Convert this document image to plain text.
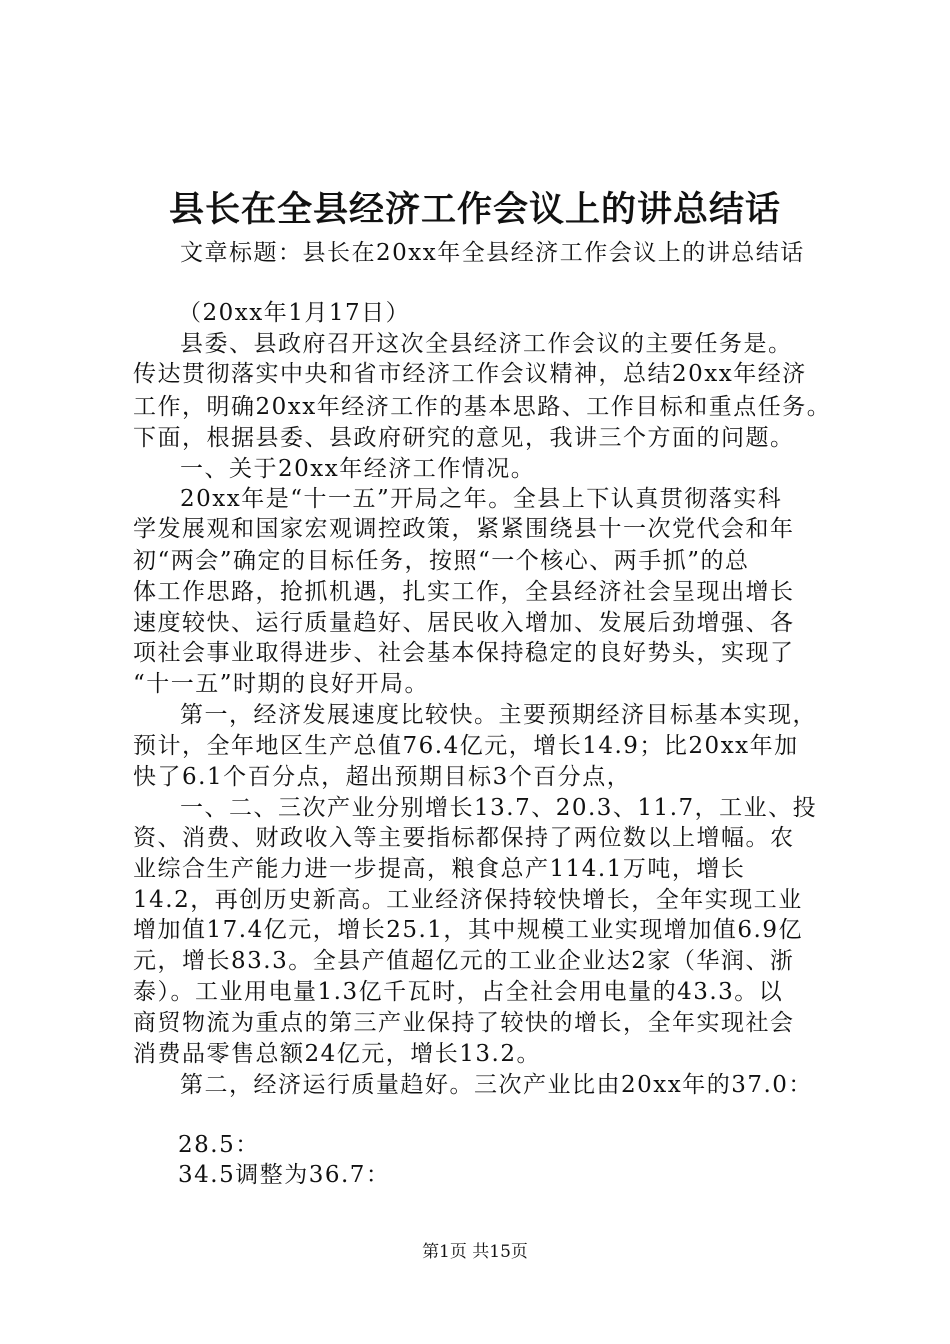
县长在全县经济工作会议上的讲总结话
文章标题：县长在20xx年全县经济工作会议上的讲总结话
（20xx年1月17日）
县委、县政府召开这次全县经济工作会议的主要任务是。
传达贯彻落实中央和省市经济工作会议精神，总结20xx年经济
工作，明确20xx年经济工作的基本思路、工作目标和重点任务。
下面，根据县委、县政府研究的意见，我讲三个方面的问题。
一、关于20xx年经济工作情况。
20xx年是“十一五”开局之年。全县上下认真贯彻落实科
学发展观和国家宏观调控政策，紧紧围绕县十一次党代会和年
初“两会”确定的目标任务，按照“一个核心、两手抓”的总
体工作思路，抢抓机遇，扎实工作，全县经济社会呈现出增长
速度较快、运行质量趋好、居民收入增加、发展后劲增强、各
项社会事业取得进步、社会基本保持稳定的良好势头，实现了
“十一五”时期的良好开局。
第一，经济发展速度比较快。主要预期经济目标基本实现，
预计，全年地区生产总值76.4亿元，增长14.9；比20xx年加
快了6.1个百分点，超出预期目标3个百分点，
一、二、三次产业分别增长13.7、20.3、11.7，工业、投
资、消费、财政收入等主要指标都保持了两位数以上增幅。农
业综合生产能力进一步提高，粮食总产114.1万吨，增长
14.2，再创历史新高。工业经济保持较快增长，全年实现工业
增加值17.4亿元，增长25.1，其中规模工业实现增加值6.9亿
元，增长83.3。全县产值超亿元的工业企业达2家（华润、浙
泰）。工业用电量1.3亿千瓦时，占全社会用电量的43.3。以
商贸物流为重点的第三产业保持了较快的增长，全年实现社会
消费品零售总额24亿元，增长13.2。
第二，经济运行质量趋好。三次产业比由20xx年的37.0：
28.5：
34.5调整为36.7：
第1页 共15页
